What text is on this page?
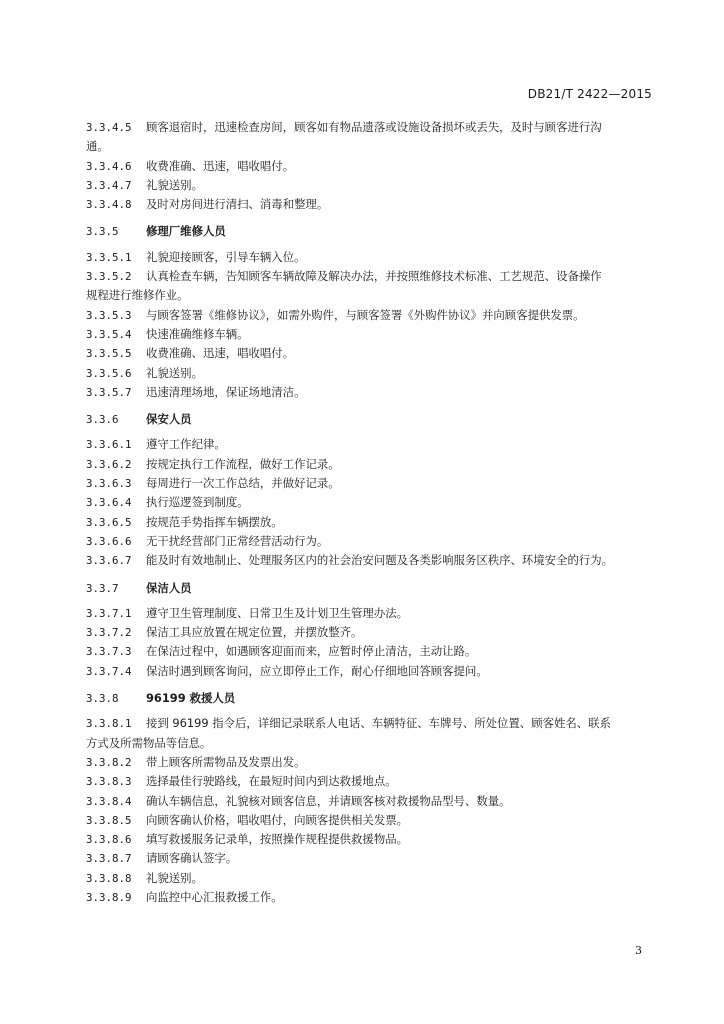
DB21/T 2422—2015
3.3.4.5 顾客退宿时，迅速检查房间，顾客如有物品遗落或设施设备损坏或丢失，及时与顾客进行沟
通。
3.3.4.6 收费准确、迅速，唱收唱付。
3.3.4.7 礼貌送别。
3.3.4.8 及时对房间进行清扫、消毒和整理。
3.3.5 修理厂维修人员
3.3.5.1 礼貌迎接顾客，引导车辆入位。
3.3.5.2 认真检查车辆，告知顾客车辆故障及解决办法，并按照维修技术标准、工艺规范、设备操作
规程进行维修作业。
3.3.5.3 与顾客签署《维修协议》，如需外购件，与顾客签署《外购件协议》并向顾客提供发票。
3.3.5.4 快速准确维修车辆。
3.3.5.5 收费准确、迅速，唱收唱付。
3.3.5.6 礼貌送别。
3.3.5.7 迅速清理场地，保证场地清洁。
3.3.6 保安人员
3.3.6.1 遵守工作纪律。
3.3.6.2 按规定执行工作流程，做好工作记录。
3.3.6.3 每周进行一次工作总结，并做好记录。
3.3.6.4 执行巡逻签到制度。
3.3.6.5 按规范手势指挥车辆摆放。
3.3.6.6 无干扰经营部门正常经营活动行为。
3.3.6.7 能及时有效地制止、处理服务区内的社会治安问题及各类影响服务区秩序、环境安全的行为。
3.3.7 保洁人员
3.3.7.1 遵守卫生管理制度、日常卫生及计划卫生管理办法。
3.3.7.2 保洁工具应放置在规定位置，并摆放整齐。
3.3.7.3 在保洁过程中，如遇顾客迎面而来，应暂时停止清洁，主动让路。
3.3.7.4 保洁时遇到顾客询问，应立即停止工作，耐心仔细地回答顾客提问。
3.3.8 96199 救援人员
3.3.8.1 接到 96199 指令后，详细记录联系人电话、车辆特征、车牌号、所处位置、顾客姓名、联系
方式及所需物品等信息。
3.3.8.2 带上顾客所需物品及发票出发。
3.3.8.3 选择最佳行驶路线，在最短时间内到达救援地点。
3.3.8.4 确认车辆信息，礼貌核对顾客信息，并请顾客核对救援物品型号、数量。
3.3.8.5 向顾客确认价格，唱收唱付，向顾客提供相关发票。
3.3.8.6 填写救援服务记录单，按照操作规程提供救援物品。
3.3.8.7 请顾客确认签字。
3.3.8.8 礼貌送别。
3.3.8.9 向监控中心汇报救援工作。
3
